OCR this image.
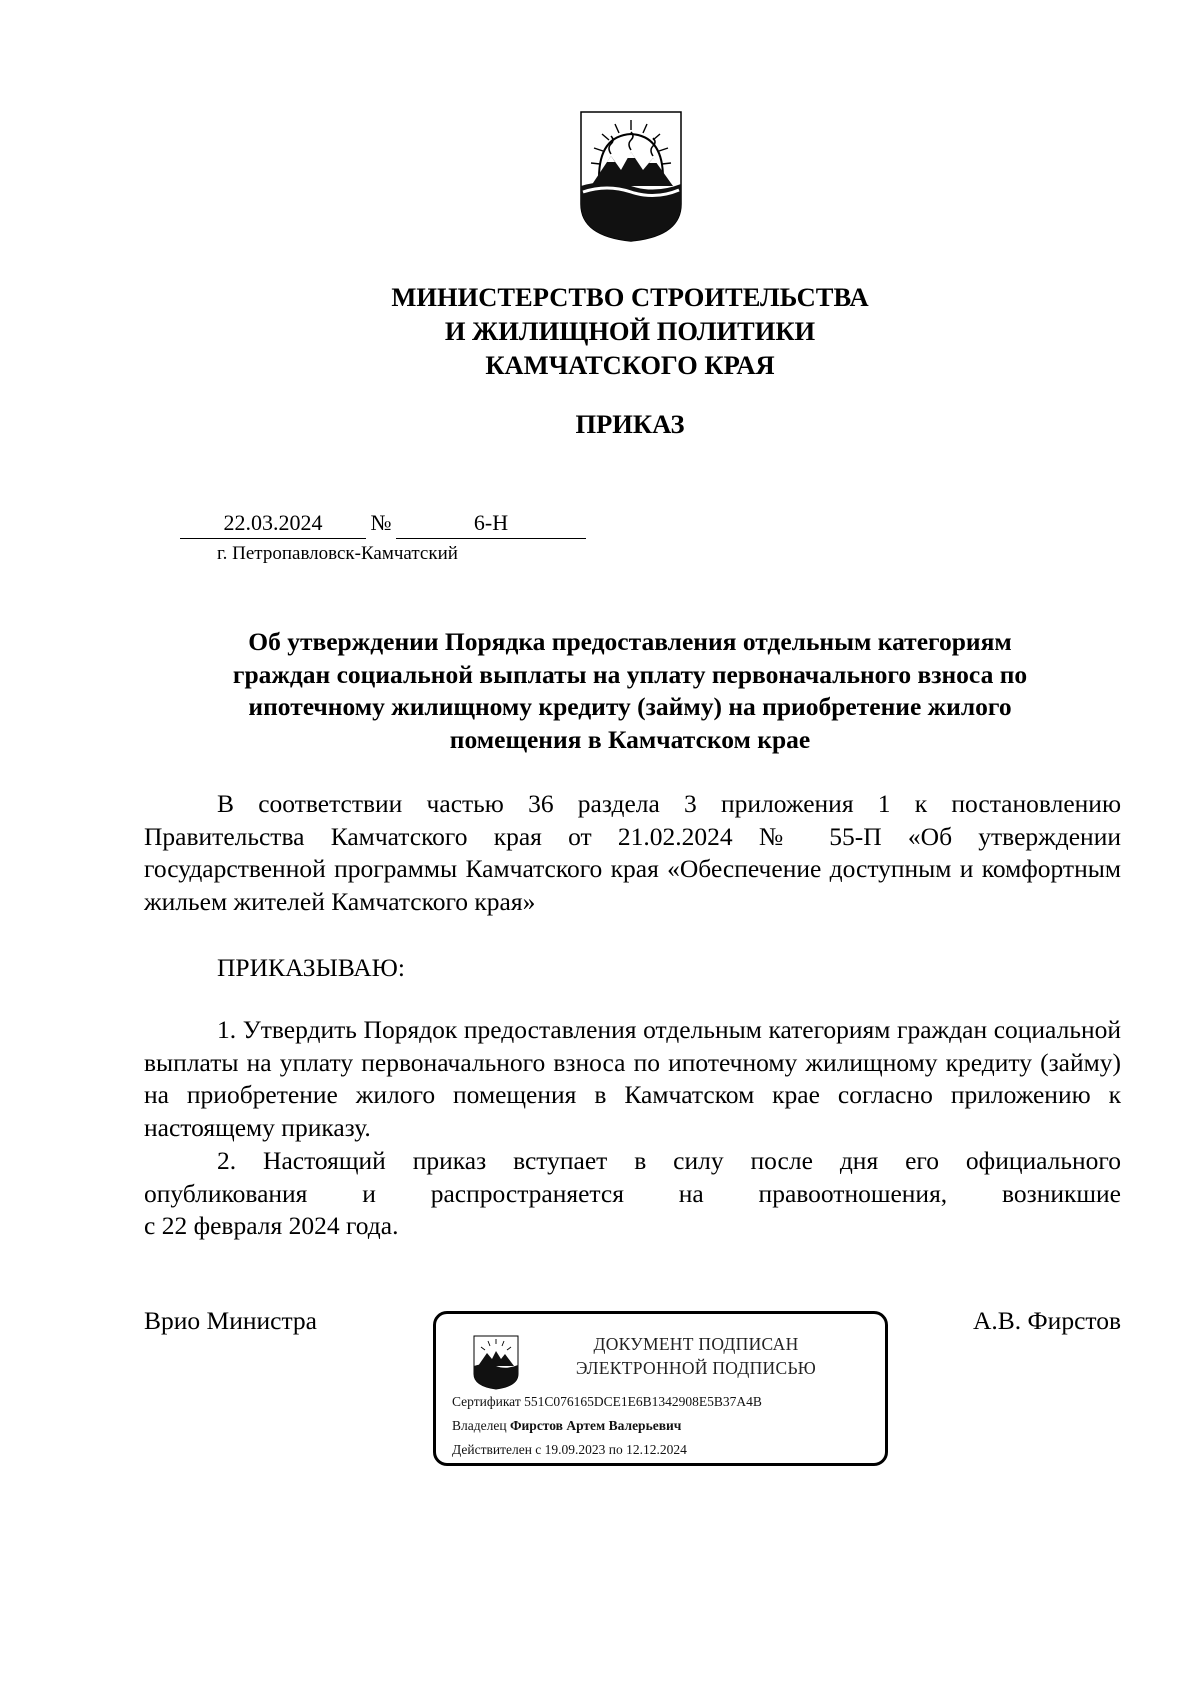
МИНИСТЕРСТВО СТРОИТЕЛЬСТВА
И ЖИЛИЩНОЙ ПОЛИТИКИ
КАМЧАТСКОГО КРАЯ
ПРИКАЗ
22.03.2024	№	6-Н
г. Петропавловск-Камчатский
Об утверждении Порядка предоставления отдельным категориям
граждан социальной выплаты на уплату первоначального взноса по
ипотечному жилищному кредиту (займу) на приобретение жилого
помещения в Камчатском крае

В соответствии частью 36 раздела 3 приложения 1 к постановлению Правительства Камчатского края от 21.02.2024 № 55-П «Об утверждении государственной программы Камчатского края «Обеспечение доступным и комфортным жильем жителей Камчатского края»

ПРИКАЗЫВАЮ:

1. Утвердить Порядок предоставления отдельным категориям граждан социальной выплаты на уплату первоначального взноса по ипотечному жилищному кредиту (займу) на приобретение жилого помещения в Камчатском крае согласно приложению к настоящему приказу.

2. Настоящий приказ вступает в силу после дня его официального
опубликования и распространяется на правоотношения, возникшие
с 22 февраля 2024 года.
Врио Министра	А.В. Фирстов
ДОКУМЕНТ ПОДПИСАН
ЭЛЕКТРОННОЙ ПОДПИСЬЮ
Сертификат 551C076165DCE1E6B1342908E5B37A4B
Владелец Фирстов Артем Валерьевич
Действителен с 19.09.2023 по 12.12.2024
